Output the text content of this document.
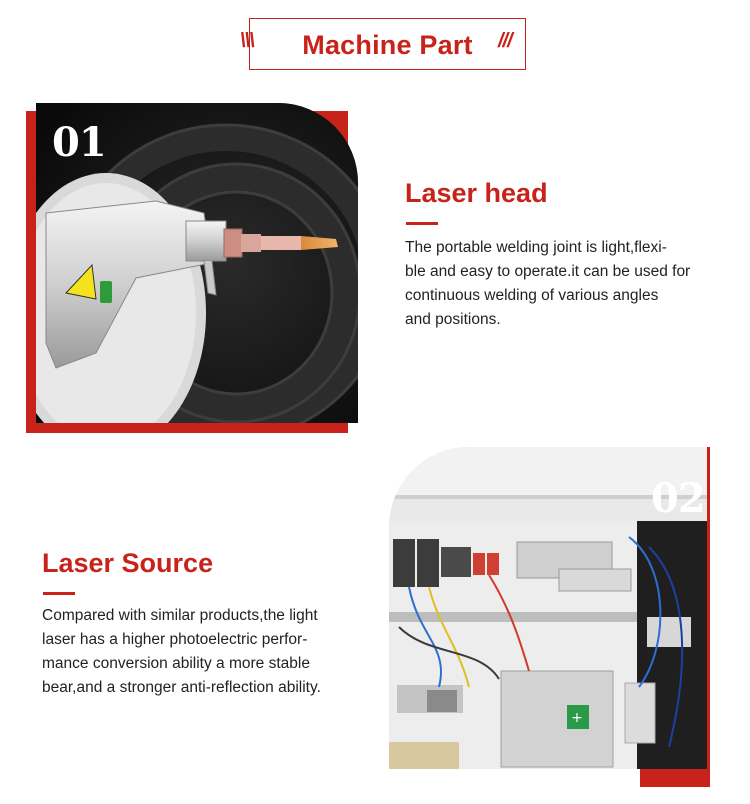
Machine Part
\\\	///
01
Laser head
The portable welding joint is light,flexi-
ble and easy to operate.it can be used for
continuous welding of various angles
and positions.
Laser Source
Compared with similar products,the light
laser has a higher photoelectric perfor-
mance conversion ability a more stable
bear,and a stronger anti-reflection ability.
+
02
